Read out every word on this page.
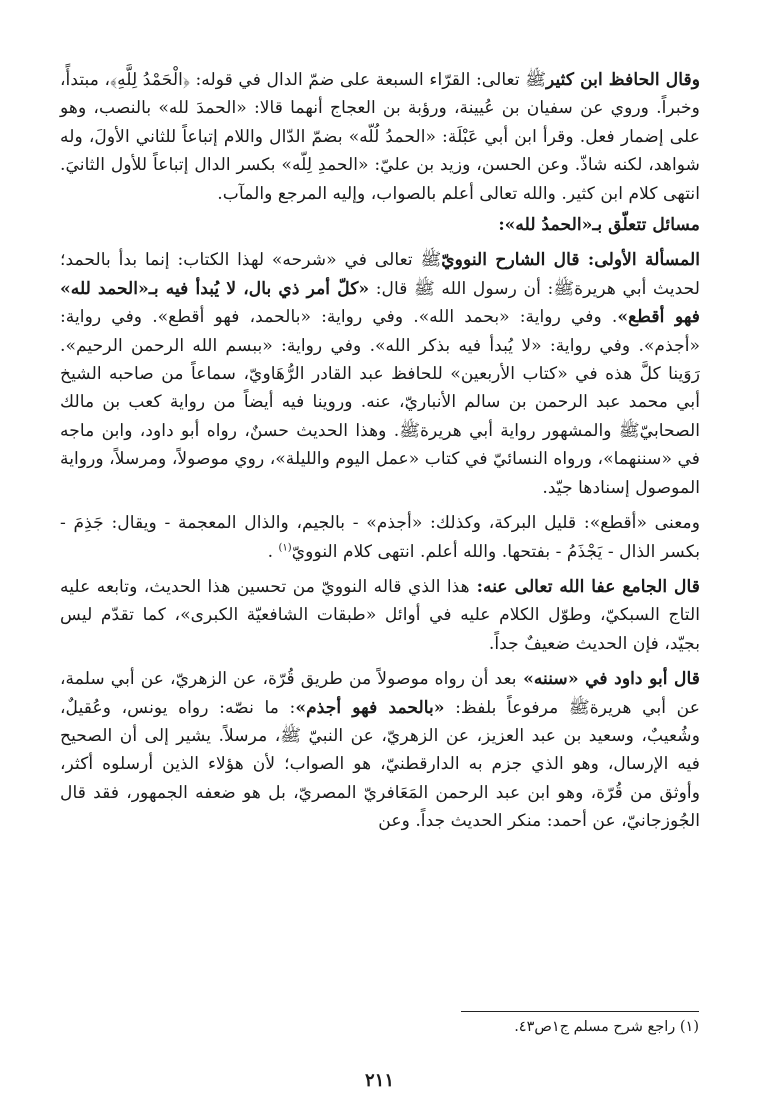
وقال الحافظ ابن كثيرﷺ تعالى: القرّاء السبعة على ضمّ الدال في قوله: ﴿الْحَمْدُ لِلَّهِ﴾، مبتدأً، وخبراً. وروي عن سفيان بن عُيينة، ورؤبة بن العجاج أنهما قالا: «الحمدَ لله» بالنصب، وهو على إضمار فعل. وقرأ ابن أبي عَبْلَة: «الحمدُ لُلّه» بضمّ الدّال واللام إتباعاً للثاني الأولَ، وله شواهد، لكنه شاذّ. وعن الحسن، وزيد بن عليّ: «الحمدِ لِلّه» بكسر الدال إتباعاً للأول الثانيَ. انتهى كلام ابن كثير. والله تعالى أعلم بالصواب، وإليه المرجع والمآب.

مسائل تتعلّق بـ«الحمدُ لله»:

المسألة الأولى: قال الشارح النوويّﷺ تعالى في «شرحه» لهذا الكتاب: إنما بدأ بالحمد؛ لحديث أبي هريرةﷺ: أن رسول الله ﷺ قال: «كلّ أمر ذي بال، لا يُبدأ فيه بـ«الحمد لله» فهو أقطع». وفي رواية: «بحمد الله». وفي رواية: «بالحمد، فهو أقطع». وفي رواية: «أجذم». وفي رواية: «لا يُبدأ فيه بذكر الله». وفي رواية: «ببسم الله الرحمن الرحيم». رَوَينا كلَّ هذه في «كتاب الأربعين» للحافظ عبد القادر الرُّهَاويّ، سماعاً من صاحبه الشيخ أبي محمد عبد الرحمن بن سالم الأنباريّ، عنه. وروينا فيه أيضاً من رواية كعب بن مالك الصحابيّﷺ والمشهور رواية أبي هريرةﷺ. وهذا الحديث حسنٌ، رواه أبو داود، وابن ماجه في «سننهما»، ورواه النسائيّ في كتاب «عمل اليوم والليلة»، روي موصولاً، ومرسلاً، ورواية الموصول إسنادها جيّد.

ومعنى «أقطع»: قليل البركة، وكذلك: «أجذم» - بالجيم، والذال المعجمة - ويقال: جَذِمَ - بكسر الذال - يَجْذَمُ - بفتحها. والله أعلم. انتهى كلام النوويّ$^{(١)}$ .

قال الجامع عفا الله تعالى عنه: هذا الذي قاله النوويّ من تحسين هذا الحديث، وتابعه عليه التاج السبكيّ، وطوّل الكلام عليه في أوائل «طبقات الشافعيّة الكبرى»، كما تقدّم ليس بجيّد، فإن الحديث ضعيفٌ جداً.

قال أبو داود في «سننه» بعد أن رواه موصولاً من طريق قُرّة، عن الزهريّ، عن أبي سلمة، عن أبي هريرةﷺ مرفوعاً بلفظ: «بالحمد فهو أجذم»: ما نصّه: رواه يونس، وعُقيلٌ، وشُعيبٌ، وسعيد بن عبد العزيز، عن الزهريّ، عن النبيّ ﷺ، مرسلاً. يشير إلى أن الصحيح فيه الإرسال، وهو الذي جزم به الدارقطنيّ، هو الصواب؛ لأن هؤلاء الذين أرسلوه أكثر، وأوثق من قُرّة، وهو ابن عبد الرحمن المَعَافريّ المصريّ، بل هو ضعفه الجمهور، فقد قال الجُوزجانيّ، عن أحمد: منكر الحديث جداً. وعن

(١) راجع شرح مسلم ج١ص٤٣.

٢١١
